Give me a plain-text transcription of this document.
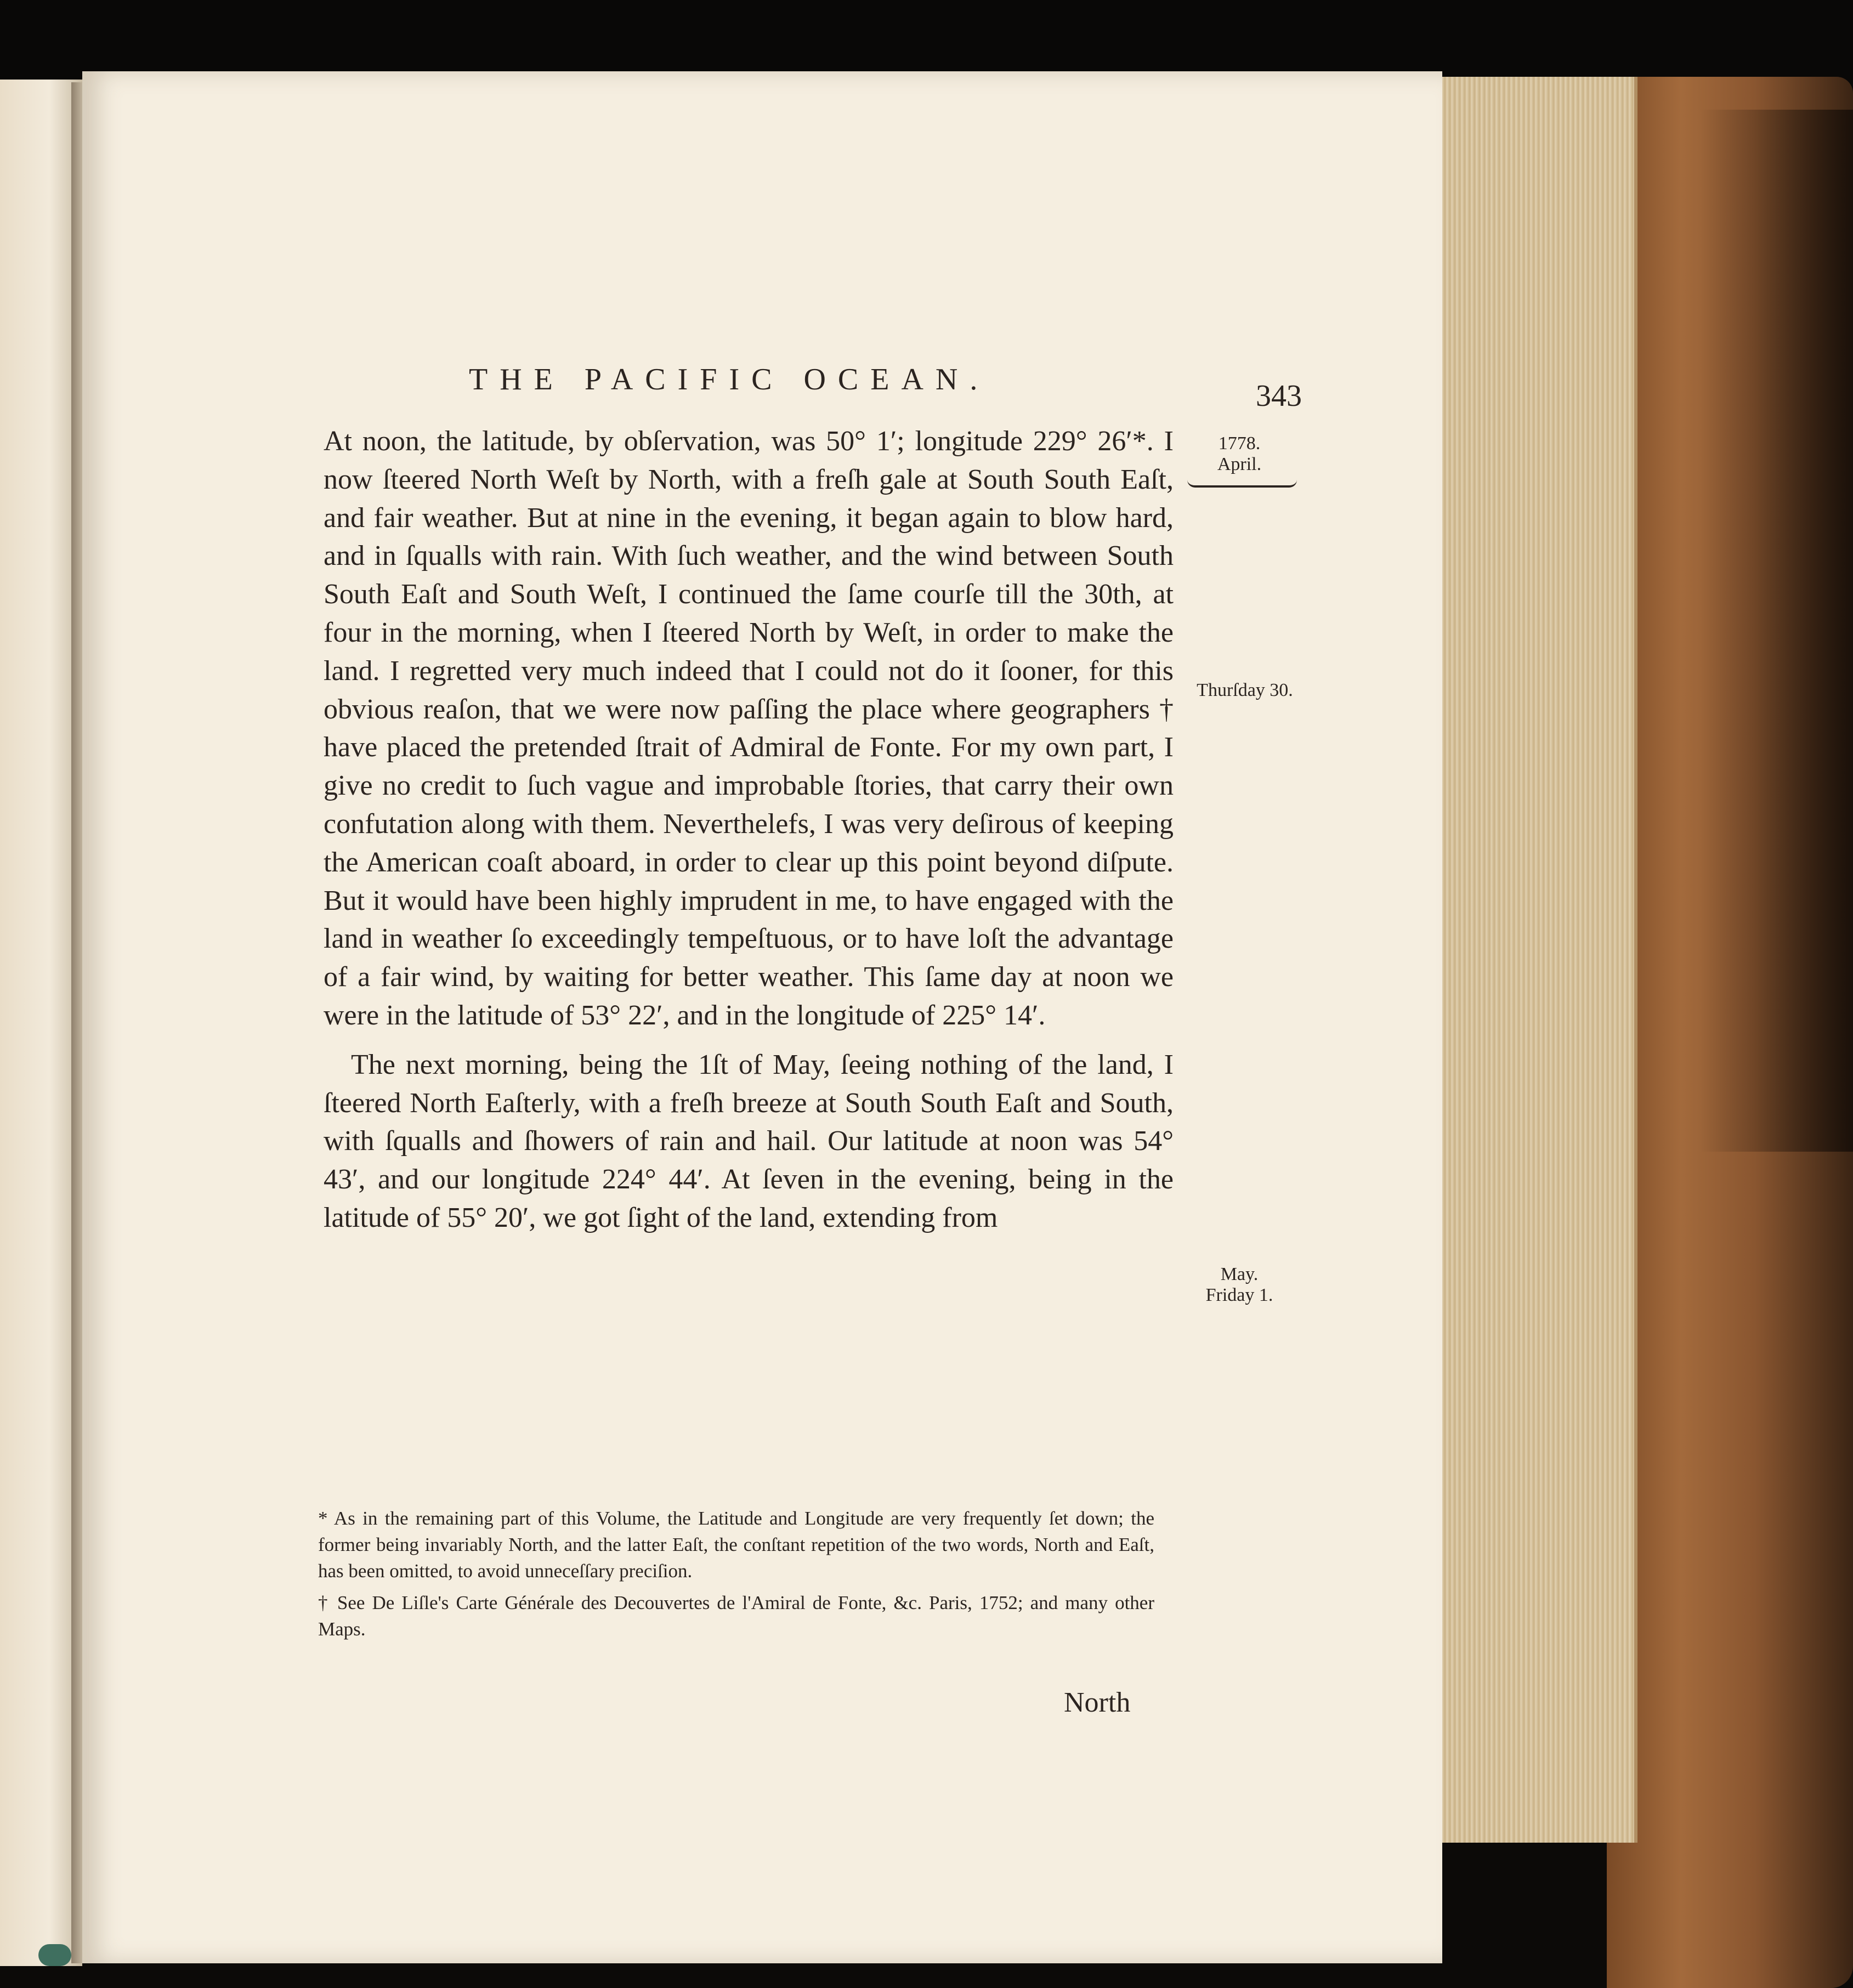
THE PACIFIC OCEAN.	343
1778.
April.
Thurſday 30.
May.
Friday 1.

At noon, the latitude, by obſervation, was 50° 1′; longitude 229° 26′*. I now ſteered North Weſt by North, with a freſh gale at South South Eaſt, and fair weather. But at nine in the evening, it began again to blow hard, and in ſqualls with rain. With ſuch weather, and the wind between South South Eaſt and South Weſt, I continued the ſame courſe till the 30th, at four in the morning, when I ſteered North by Weſt, in order to make the land. I regretted very much indeed that I could not do it ſooner, for this obvious reaſon, that we were now paſſing the place where geographers † have placed the pretended ſtrait of Admiral de Fonte. For my own part, I give no credit to ſuch vague and improbable ſtories, that carry their own confutation along with them. Neverthelefs, I was very deſirous of keeping the American coaſt aboard, in order to clear up this point beyond diſpute. But it would have been highly imprudent in me, to have engaged with the land in weather ſo exceedingly tempeſtuous, or to have loſt the advantage of a fair wind, by waiting for better weather. This ſame day at noon we were in the latitude of 53° 22′, and in the longitude of 225° 14′.

The next morning, being the 1ſt of May, ſeeing nothing of the land, I ſteered North Eaſterly, with a freſh breeze at South South Eaſt and South, with ſqualls and ſhowers of rain and hail. Our latitude at noon was 54° 43′, and our longitude 224° 44′. At ſeven in the evening, being in the latitude of 55° 20′, we got ſight of the land, extending from

* As in the remaining part of this Volume, the Latitude and Longitude are very frequently ſet down; the former being invariably North, and the latter Eaſt, the conſtant repetition of the two words, North and Eaſt, has been omitted, to avoid unneceſſary preciſion.

† See De Liſle's Carte Générale des Decouvertes de l'Amiral de Fonte, &c. Paris, 1752; and many other Maps.

North
